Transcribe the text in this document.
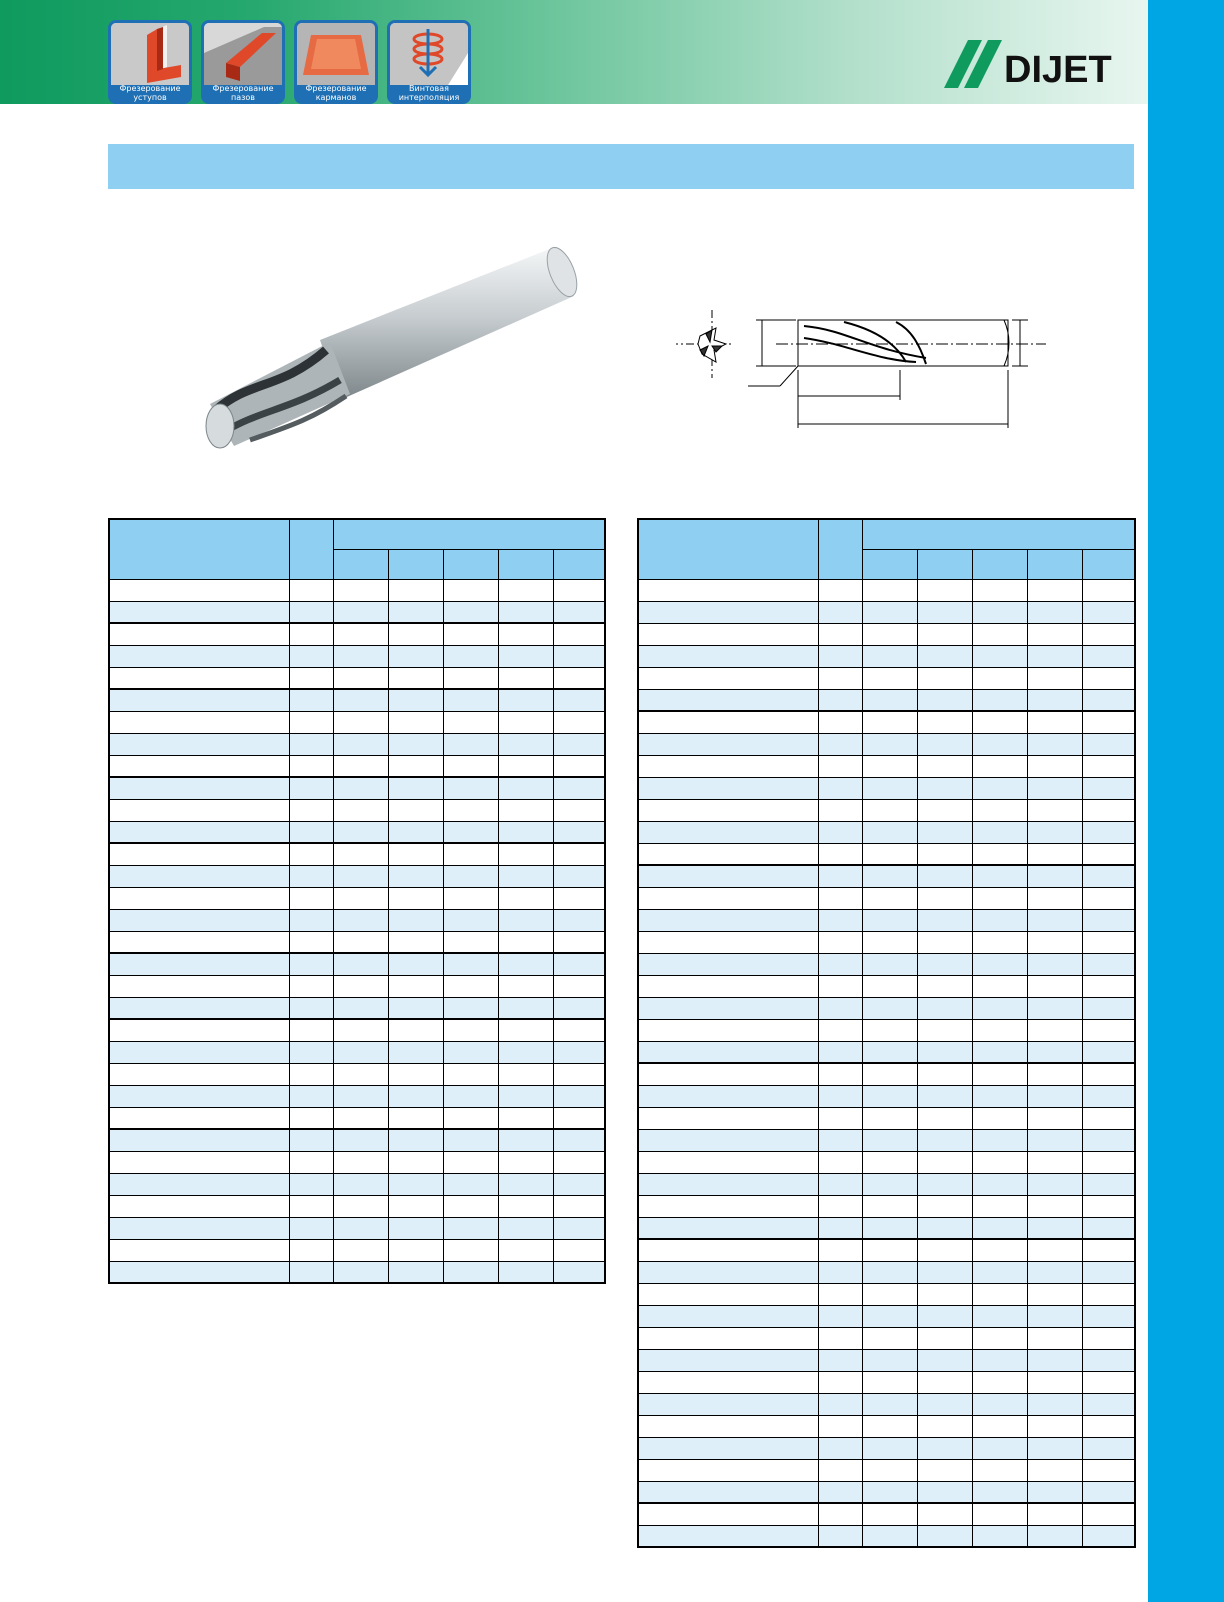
Фрезерование
уступов
Фрезерование
пазов
Фрезерование
карманов
Винтовая
интерполяция
DIJET
